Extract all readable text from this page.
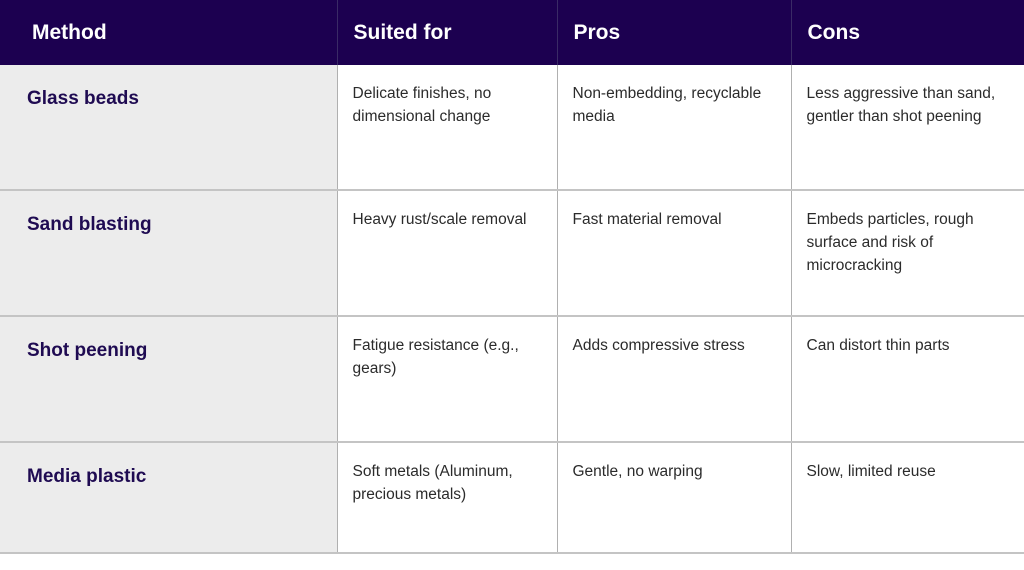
Method	Suited for	Pros	Cons

Glass beads	Delicate finishes, no dimensional change	Non-embedding, recyclable media	Less aggressive than sand, gentler than shot peening

Sand blasting	Heavy rust/scale removal	Fast material removal	Embeds particles, rough surface and risk of microcracking

Shot peening	Fatigue resistance (e.g., gears)	Adds compressive stress	Can distort thin parts

Media plastic	Soft metals (Aluminum, precious metals)	Gentle, no warping	Slow, limited reuse
